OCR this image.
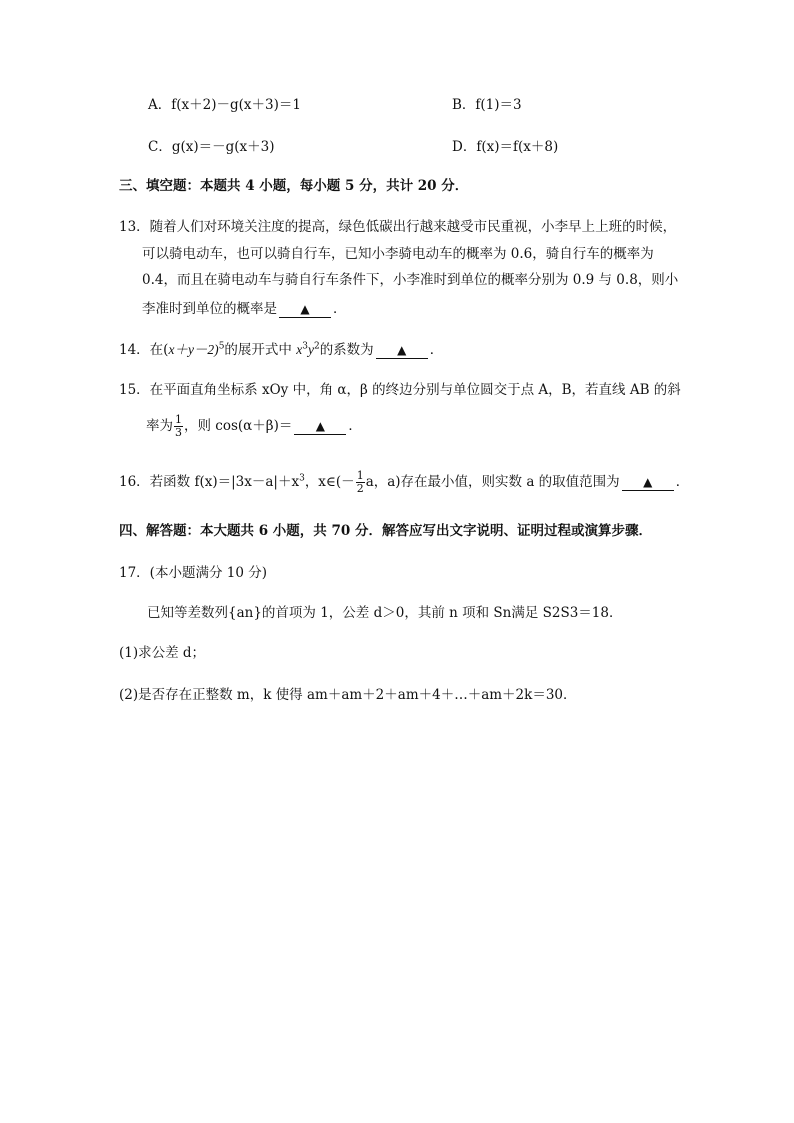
A．f(x＋2)－g(x＋3)＝1	B．f(1)＝3
C．g(x)＝－g(x＋3)	D．f(x)＝f(x＋8)
三、填空题：本题共 4 小题，每小题 5 分，共计 20 分．
13．随着人们对环境关注度的提高，绿色低碳出行越来越受市民重视，小李早上上班的时候，
可以骑电动车，也可以骑自行车，已知小李骑电动车的概率为 0.6，骑自行车的概率为
0.4，而且在骑电动车与骑自行车条件下，小李准时到单位的概率分别为 0.9 与 0.8，则小
李准时到单位的概率是 ▲ ．
14．在$(x+y-2)^5$的展开式中 $x^3y^2$的系数为 ▲ ．
15．在平面直角坐标系 xOy 中，角 α，β 的终边分别与单位圆交于点 A，B，若直线 AB 的斜
率为 $\frac{1}{3}$ ，则 cos(α＋β)＝ ▲ ．
16．若函数 $f(x)=|3x-a|+x^3$，x∈(－ $\frac{1}{2}$ a，a)存在最小值，则实数 a 的取值范围为 ▲ ．
四、解答题：本大题共 6 小题，共 70 分．解答应写出文字说明、证明过程或演算步骤．
17．(本小题满分 10 分)
已知等差数列{an}的首项为 1，公差 d＞0，其前 n 项和 Sn满足 S2S3＝18．
(1)求公差 d；
(2)是否存在正整数 m，k 使得 am＋am＋2＋am＋4＋…＋am＋2k＝30．
